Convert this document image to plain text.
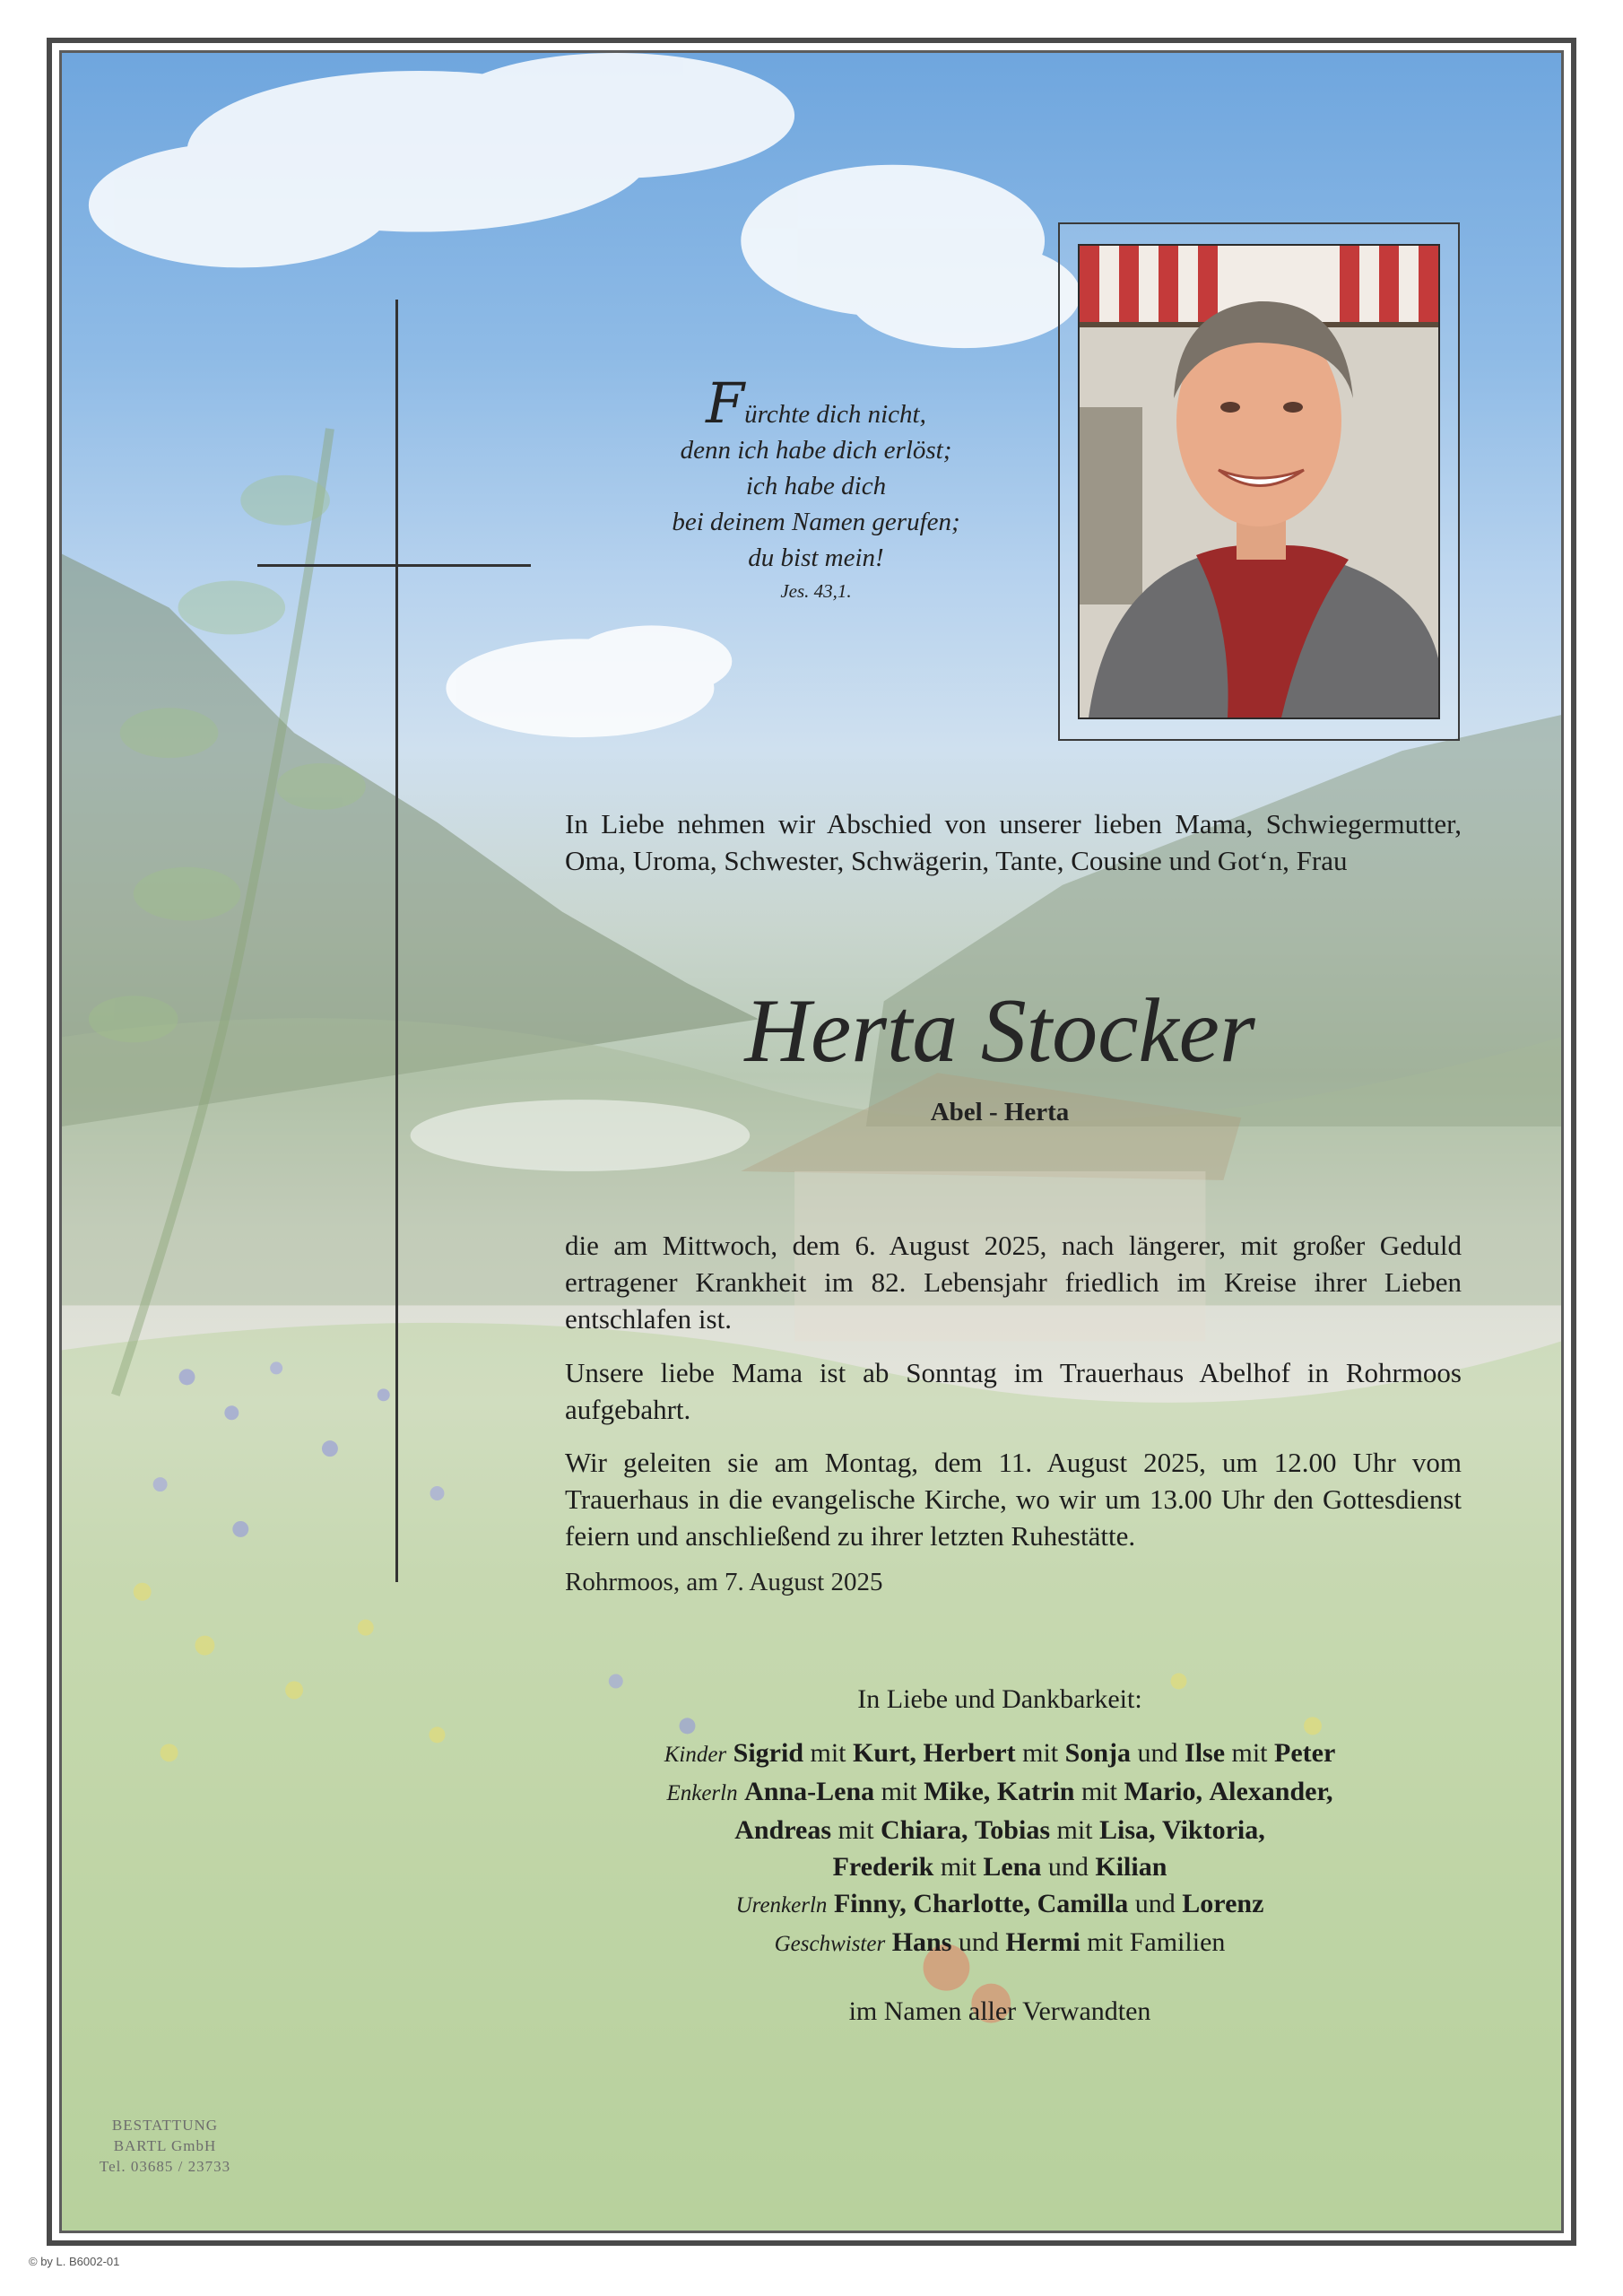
Fürchte dich nicht,
denn ich habe dich erlöst;
ich habe dich
bei deinem Namen gerufen;
du bist mein!
Jes. 43,1.
In Liebe nehmen wir Abschied von unserer lieben Mama, Schwiegermutter, Oma, Uroma, Schwester, Schwägerin, Tante, Cousine und Got‘n, Frau
Herta Stocker
Abel - Herta
die am Mittwoch, dem 6. August 2025, nach längerer, mit großer Geduld ertragener Krankheit im 82. Lebensjahr friedlich im Kreise ihrer Lieben entschlafen ist.
Unsere liebe Mama ist ab Sonntag im Trauerhaus Abelhof in Rohrmoos aufgebahrt.
Wir geleiten sie am Montag, dem 11. August 2025, um 12.00 Uhr vom Trauerhaus in die evangelische Kirche, wo wir um 13.00 Uhr den Gottesdienst feiern und anschließend zu ihrer letzten Ruhestätte.
Rohrmoos, am 7. August 2025
In Liebe und Dankbarkeit:
Kinder Sigrid mit Kurt, Herbert mit Sonja und Ilse mit Peter
Enkerln Anna-Lena mit Mike, Katrin mit Mario, Alexander,
Andreas mit Chiara, Tobias mit Lisa, Viktoria,
Frederik mit Lena und Kilian
Urenkerln Finny, Charlotte, Camilla und Lorenz
Geschwister Hans und Hermi mit Familien
im Namen aller Verwandten
BESTATTUNG
BARTL GmbH
Tel. 03685 / 23733
© by L. B6002-01
